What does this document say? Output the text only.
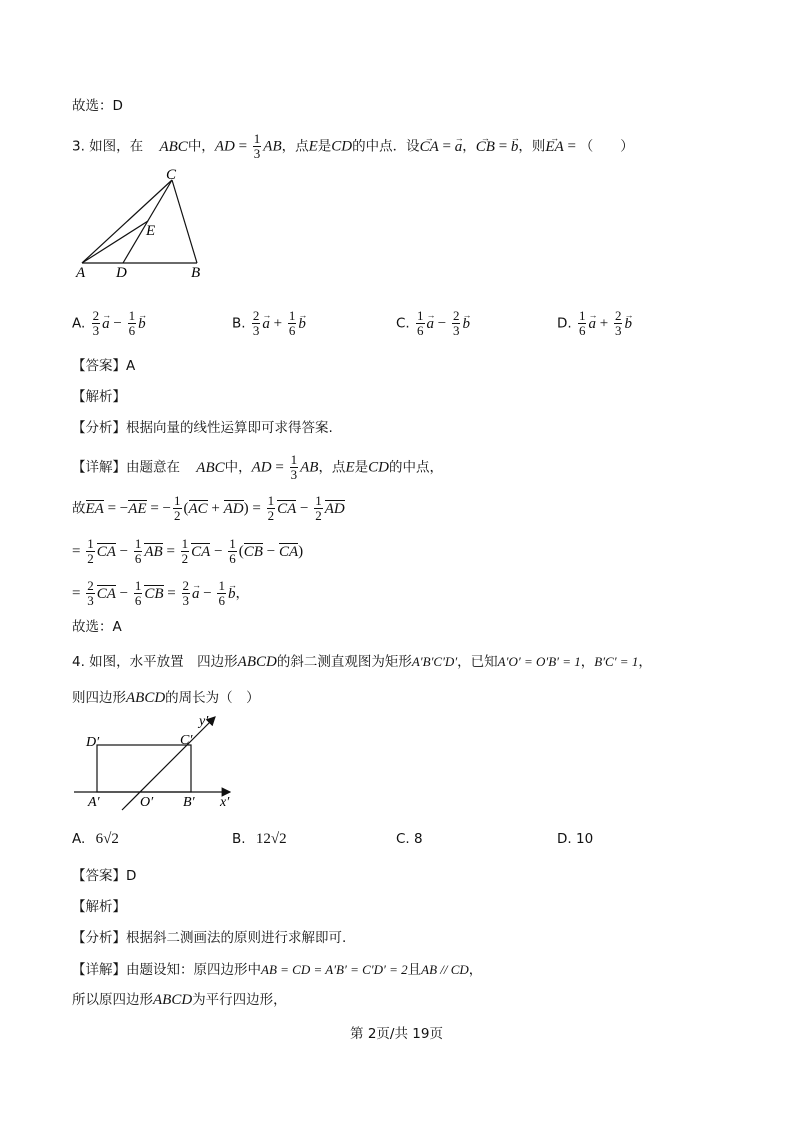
故选：D
3. 如图，在 ABC中，AD = $\frac{1}{3}$ AB，点E是CD的中点．设→ CA = → a，→ CB = → b，则→ EA = （　　）
C
E
A D	B
A. $\frac{2}{3}$
→ $a - \frac{1}{6}$
→ b	B. $\frac{2}{3}$
→ $a + \frac{1}{6}$
→ b	C. $\frac{1}{6}$
→ $a - \frac{2}{3}$
→ b	D. $\frac{1}{6}$
→ $a + \frac{2}{3}$
→ b
【答案】A
【解析】
【分析】根据向量的线性运算即可求得答案.
【详解】由题意在 ABC中，AD = $\frac{1}{3}$ AB，点E是CD的中点，
故EA = −AE = − $\frac{1}{2} (AC + AD) = \frac{1}{2}$ CA − $\frac{1}{2}$ AD
= $\frac{1}{2}$ CA − $\frac{1}{6}$ AB = $\frac{1}{2}$ CA − $\frac{1}{6} (CB - CA)$
= $\frac{2}{3}$ CA − $\frac{1}{6}$ CB = $\frac{2}{3}$
→ $a - \frac{1}{6}$
→ b，
故选：A
4. 如图，水平放置　四边形ABCD的斜二测直观图为矩形A′B′C′D′，已知A′O′ = O′B′ = 1，B′C′ = 1，
则四边形ABCD的周长为（　）
D′	C′
y′
A′	O′ B′ x′
A. 6√2	B. 12√2	C. 8	D. 10
【答案】D
【解析】
【分析】根据斜二测画法的原则进行求解即可.
【详解】由题设知：原四边形中AB = CD = A′B′ = C′D′ = 2且AB // CD，
所以原四边形ABCD为平行四边形，
第 2页/共 19页
